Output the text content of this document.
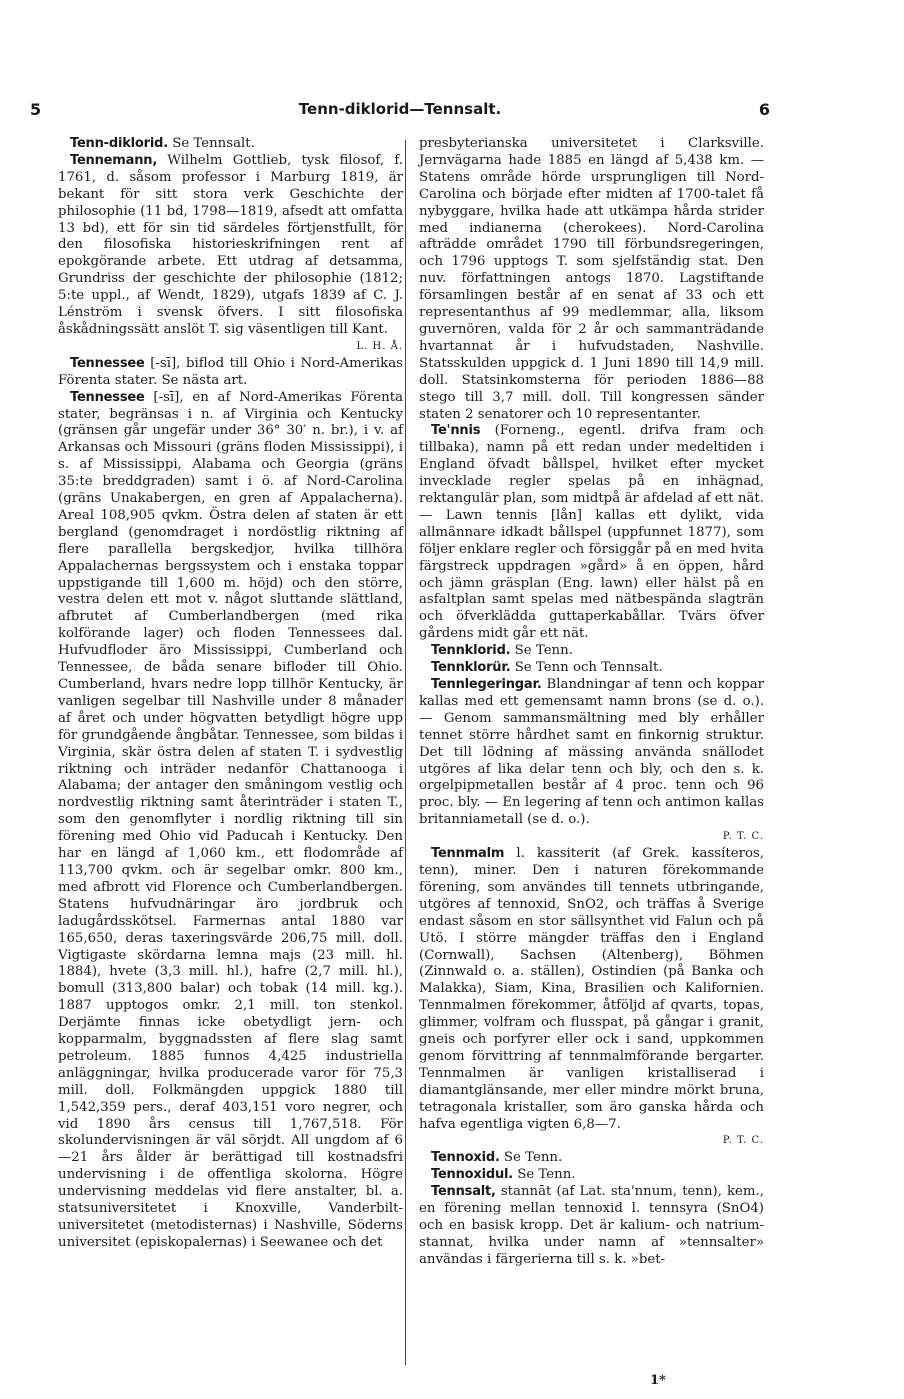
5	Tenn-diklorid—Tennsalt.	6

Tenn-diklorid. Se Tennsalt.

Tennemann, Wilhelm Gottlieb, tysk filosof, f. 1761, d. såsom professor i Marburg 1819, är bekant för sitt stora verk Geschichte der philosophie (11 bd, 1798—1819, afsedt att omfatta 13 bd), ett för sin tid särdeles förtjenstfullt, för den filosofiska historieskrifningen rent af epokgörande arbete. Ett utdrag af detsamma, Grundriss der geschichte der philosophie (1812; 5:te uppl., af Wendt, 1829), utgafs 1839 af C. J. Lénström i svensk öfvers. I sitt filosofiska åskådningssätt anslöt T. sig väsentligen till Kant.
L. H. Å.

Tennessee [-sī], biflod till Ohio i Nord-Amerikas Förenta stater. Se nästa art.

Tennessee [-sī], en af Nord-Amerikas Förenta stater, begränsas i n. af Virginia och Kentucky (gränsen går ungefär under 36° 30′ n. br.), i v. af Arkansas och Missouri (gräns floden Mississippi), i s. af Mississippi, Alabama och Georgia (gräns 35:te breddgraden) samt i ö. af Nord-Carolina (gräns Unakabergen, en gren af Appalacherna). Areal 108,905 qvkm. Östra delen af staten är ett bergland (genomdraget i nordöstlig riktning af flere parallella bergskedjor, hvilka tillhöra Appalachernas bergssystem och i enstaka toppar uppstigande till 1,600 m. höjd) och den större, vestra delen ett mot v. något sluttande slättland, afbrutet af Cumberlandbergen (med rika kolförande lager) och floden Tennessees dal. Hufvudfloder äro Mississippi, Cumberland och Tennessee, de båda senare bifloder till Ohio. Cumberland, hvars nedre lopp tillhör Kentucky, är vanligen segelbar till Nashville under 8 månader af året och under högvatten betydligt högre upp för grundgående ångbåtar. Tennessee, som bildas i Virginia, skär östra delen af staten T. i sydvestlig riktning och inträder nedanför Chattanooga i Alabama; der antager den småningom vestlig och nordvestlig riktning samt återinträder i staten T., som den genomflyter i nordlig riktning till sin förening med Ohio vid Paducah i Kentucky. Den har en längd af 1,060 km., ett flodområde af 113,700 qvkm. och är segelbar omkr. 800 km., med afbrott vid Florence och Cumberlandbergen. Statens hufvudnäringar äro jordbruk och ladugårdsskötsel. Farmernas antal 1880 var 165,650, deras taxeringsvärde 206,75 mill. doll. Vigtigaste skördarna lemna majs (23 mill. hl. 1884), hvete (3,3 mill. hl.), hafre (2,7 mill. hl.), bomull (313,800 balar) och tobak (14 mill. kg.). 1887 upptogos omkr. 2,1 mill. ton stenkol. Derjämte finnas icke obetydligt jern- och kopparmalm, byggnadssten af flere slag samt petroleum. 1885 funnos 4,425 industriella anläggningar, hvilka producerade varor för 75,3 mill. doll. Folkmängden uppgick 1880 till 1,542,359 pers., deraf 403,151 voro negrer, och vid 1890 års census till 1,767,518. För skolundervisningen är väl sörjdt. All ungdom af 6—21 års ålder är berättigad till kostnadsfri undervisning i de offentliga skolorna. Högre undervisning meddelas vid flere anstalter, bl. a. statsuniversitetet i Knoxville, Vanderbilt-universitetet (metodisternas) i Nashville, Söderns universitet (episkopalernas) i Seewanee och det

presbyterianska universitetet i Clarksville. Jernvägarna hade 1885 en längd af 5,438 km. — Statens område hörde ursprungligen till Nord-Carolina och började efter midten af 1700-talet få nybyggare, hvilka hade att utkämpa hårda strider med indianerna (cherokees). Nord-Carolina afträdde området 1790 till förbundsregeringen, och 1796 upptogs T. som sjelfständig stat. Den nuv. författningen antogs 1870. Lagstiftande församlingen består af en senat af 33 och ett representanthus af 99 medlemmar, alla, liksom guvernören, valda för 2 år och sammanträdande hvartannat år i hufvudstaden, Nashville. Statsskulden uppgick d. 1 Juni 1890 till 14,9 mill. doll. Statsinkomsterna för perioden 1886—88 stego till 3,7 mill. doll. Till kongressen sänder staten 2 senatorer och 10 representanter.

Te'nnis (Forneng., egentl. drifva fram och tillbaka), namn på ett redan under medeltiden i England öfvadt bållspel, hvilket efter mycket invecklade regler spelas på en inhägnad, rektangulär plan, som midtpå är afdelad af ett nät. — Lawn tennis [lån] kallas ett dylikt, vida allmännare idkadt bållspel (uppfunnet 1877), som följer enklare regler och försiggår på en med hvita färgstreck uppdragen »gård» å en öppen, hård och jämn gräsplan (Eng. lawn) eller hälst på en asfaltplan samt spelas med nätbespända slagträn och öfverklädda guttaperkabållar. Tvärs öfver gårdens midt går ett nät.

Tennklorid. Se Tenn.

Tennklorür. Se Tenn och Tennsalt.

Tennlegeringar. Blandningar af tenn och koppar kallas med ett gemensamt namn brons (se d. o.). — Genom sammansmältning med bly erhåller tennet större hårdhet samt en finkornig struktur. Det till lödning af mässing använda snällodet utgöres af lika delar tenn och bly, och den s. k. orgelpipmetallen består af 4 proc. tenn och 96 proc. bly. — En legering af tenn och antimon kallas britanniametall (se d. o.).
P. T. C.

Tennmalm l. kassiterit (af Grek. kassíteros, tenn), miner. Den i naturen förekommande förening, som användes till tennets utbringande, utgöres af tennoxid, SnO2, och träffas å Sverige endast såsom en stor sällsynthet vid Falun och på Utö. I större mängder träffas den i England (Cornwall), Sachsen (Altenberg), Böhmen (Zinnwald o. a. ställen), Ostindien (på Banka och Malakka), Siam, Kina, Brasilien och Kalifornien. Tennmalmen förekommer, åtföljd af qvarts, topas, glimmer, volfram och flusspat, på gångar i granit, gneis och porfyrer eller ock i sand, uppkommen genom förvittring af tennmalmförande bergarter. Tennmalmen är vanligen kristalliserad i diamantglänsande, mer eller mindre mörkt bruna, tetragonala kristaller, som äro ganska hårda och hafva egentliga vigten 6,8—7.
P. T. C.

Tennoxid. Se Tenn.

Tennoxidul. Se Tenn.

Tennsalt, stannāt (af Lat. sta'nnum, tenn), kem., en förening mellan tennoxid l. tennsyra (SnO4) och en basisk kropp. Det är kalium- och natrium-stannat, hvilka under namn af »tennsalter» användas i färgerierna till s. k. »bet-

1*
